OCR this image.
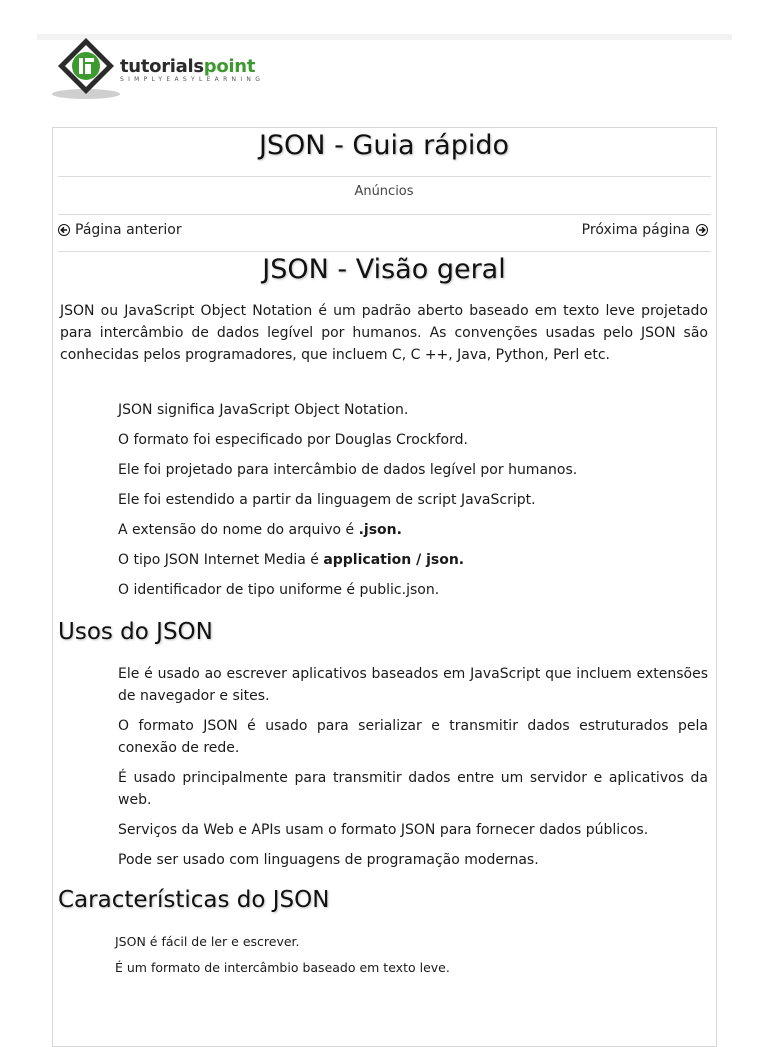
tutorialspoint
SIMPLYEASYLEARNING
JSON - Guia rápido
Anúncios
Página anterior	Próxima página
JSON - Visão geral

JSON ou JavaScript Object Notation é um padrão aberto baseado em texto leve projetado para intercâmbio de dados legível por humanos. As convenções usadas pelo JSON são conhecidas pelos programadores, que incluem C, C ++, Java, Python, Perl etc.

JSON significa JavaScript Object Notation.
O formato foi especificado por Douglas Crockford.
Ele foi projetado para intercâmbio de dados legível por humanos.
Ele foi estendido a partir da linguagem de script JavaScript.
A extensão do nome do arquivo é .json.
O tipo JSON Internet Media é application / json.
O identificador de tipo uniforme é public.json.
Usos do JSON
Ele é usado ao escrever aplicativos baseados em JavaScript que incluem extensões de navegador e sites.
O formato JSON é usado para serializar e transmitir dados estruturados pela conexão de rede.
É usado principalmente para transmitir dados entre um servidor e aplicativos da web.
Serviços da Web e APIs usam o formato JSON para fornecer dados públicos.
Pode ser usado com linguagens de programação modernas.
Características do JSON
JSON é fácil de ler e escrever.
É um formato de intercâmbio baseado em texto leve.
